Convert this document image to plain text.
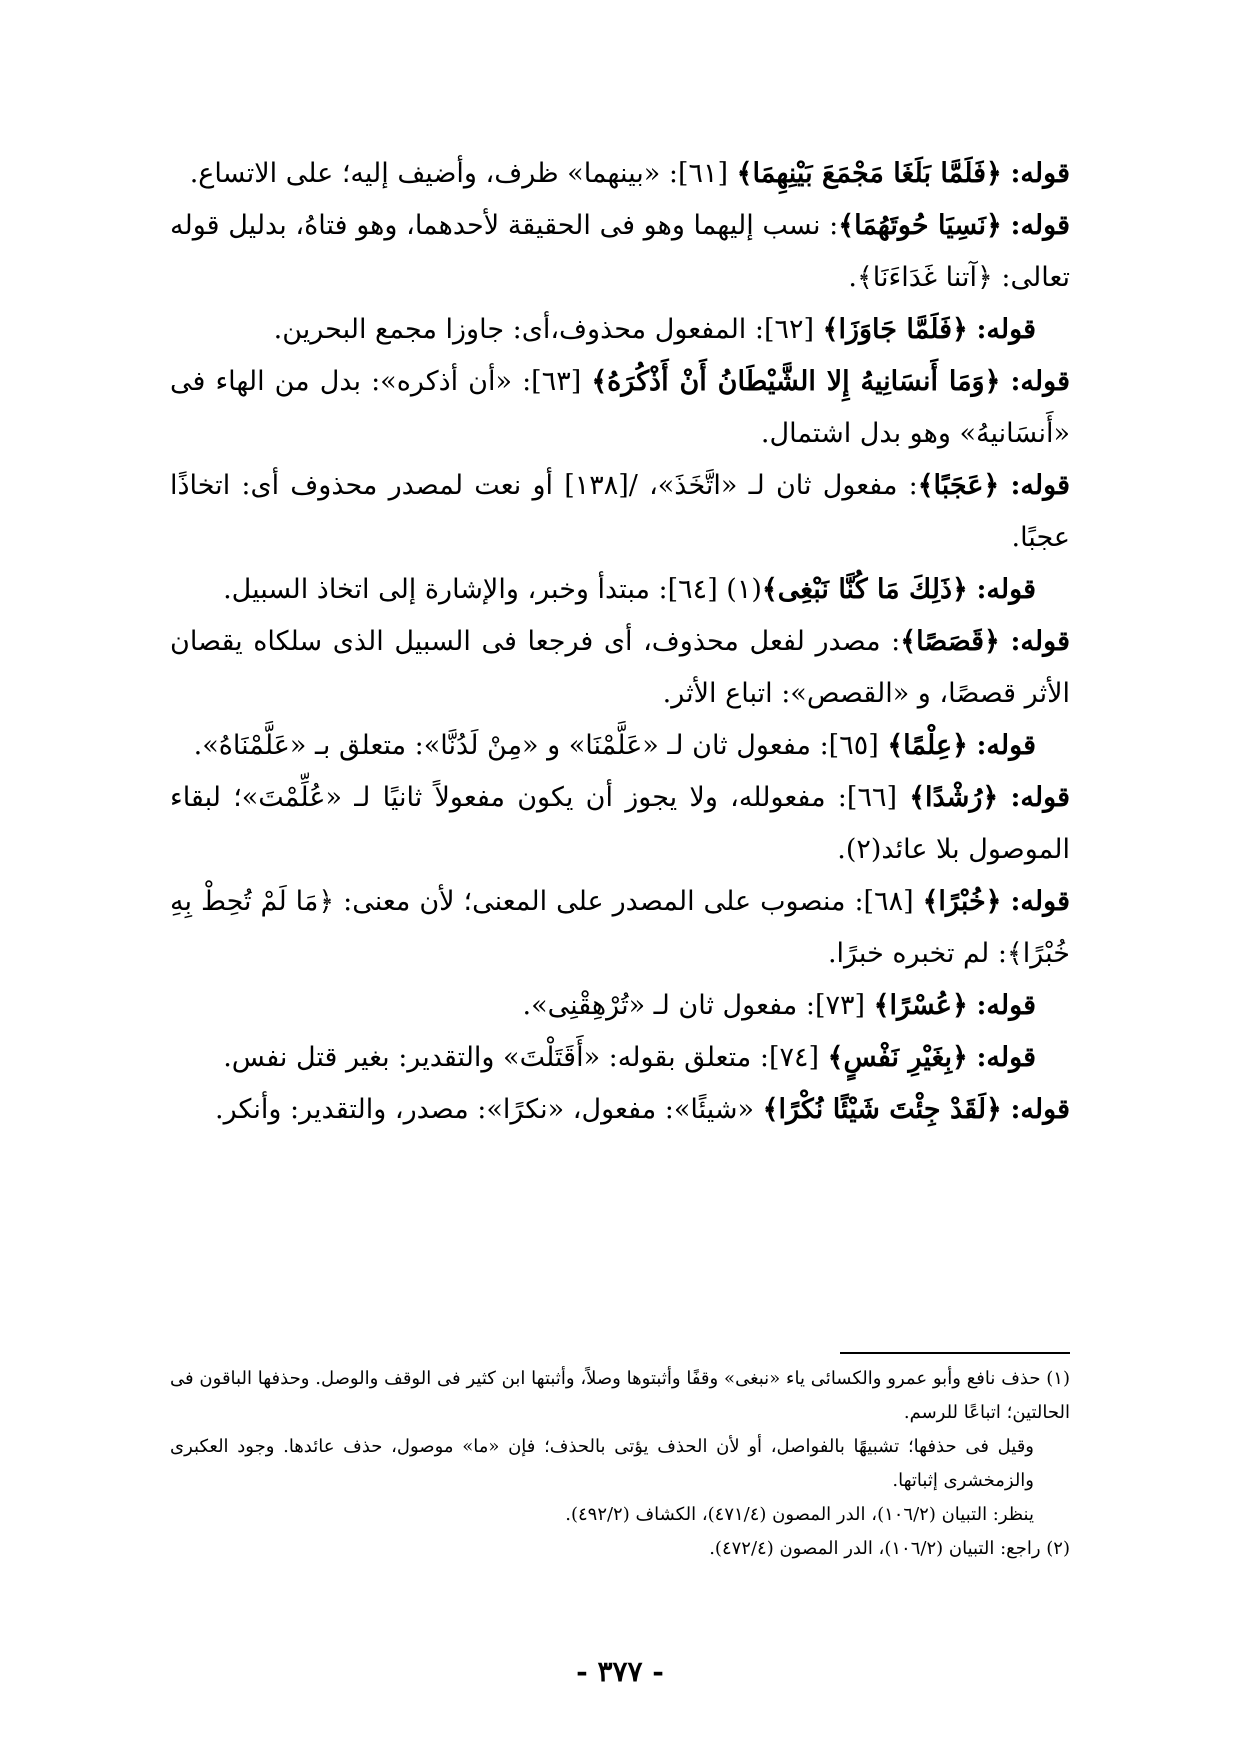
قوله: ﴿فَلَمَّا بَلَغَا مَجْمَعَ بَيْنِهِمَا﴾ [٦١]: «بينهما» ظرف، وأضيف إليه؛ على الاتساع.

قوله: ﴿نَسِيَا حُوتَهُمَا﴾: نسب إليهما وهو فى الحقيقة لأحدهما، وهو فتاهُ، بدليل قوله تعالى: ﴿آتنا غَدَاءَنَا﴾.

قوله: ﴿فَلَمَّا جَاوَزَا﴾ [٦٢]: المفعول محذوف،أى: جاوزا مجمع البحرين.

قوله: ﴿وَمَا أَنسَانِيهُ إِلا الشَّيْطَانُ أَنْ أَذْكُرَهُ﴾ [٦٣]: «أن أذكره»: بدل من الهاء فى «أَنسَانيهُ» وهو بدل اشتمال.

قوله: ﴿عَجَبًا﴾: مفعول ثان لـ «اتَّخَذَ»، /[١٣٨] أو نعت لمصدر محذوف أى: اتخاذًا عجبًا.

قوله: ﴿ذَلِكَ مَا كُنَّا نَبْغِى﴾(١) [٦٤]: مبتدأ وخبر، والإشارة إلى اتخاذ السبيل.

قوله: ﴿قَصَصًا﴾: مصدر لفعل محذوف، أى فرجعا فى السبيل الذى سلكاه يقصان الأثر قصصًا، و «القصص»: اتباع الأثر.

قوله: ﴿عِلْمًا﴾ [٦٥]: مفعول ثان لـ «عَلَّمْنَا» و «مِنْ لَدُنَّا»: متعلق بـ «عَلَّمْنَاهُ».

قوله: ﴿رُشْدًا﴾ [٦٦]: مفعولله، ولا يجوز أن يكون مفعولاً ثانيًا لـ «عُلِّمْتَ»؛ لبقاء الموصول بلا عائد(٢).

قوله: ﴿خُبْرًا﴾ [٦٨]: منصوب على المصدر على المعنى؛ لأن معنى: ﴿مَا لَمْ تُحِطْ بِهِ خُبْرًا﴾: لم تخبره خبرًا.

قوله: ﴿عُسْرًا﴾ [٧٣]: مفعول ثان لـ «تُرْهِقْنِى».

قوله: ﴿بِغَيْرِ نَفْسٍ﴾ [٧٤]: متعلق بقوله: «أَقَتَلْتَ» والتقدير: بغير قتل نفس.

قوله: ﴿لَقَدْ جِئْتَ شَيْئًا نُكْرًا﴾ «شيئًا»: مفعول، «نكرًا»: مصدر، والتقدير: وأنكر.

(١) حذف نافع وأبو عمرو والكسائى ياء «نبغى» وقفًا وأثبتوها وصلاً، وأثبتها ابن كثير فى الوقف والوصل. وحذفها الباقون فى الحالتين؛ اتباعًا للرسم.

وقيل فى حذفها؛ تشبيهًا بالفواصل، أو لأن الحذف يؤتى بالحذف؛ فإن «ما» موصول، حذف عائدها. وجود العكبرى والزمخشرى إثباتها.

ينظر: التبيان (١٠٦/٢)، الدر المصون (٤٧١/٤)، الكشاف (٤٩٢/٢).

(٢) راجع: التبيان (١٠٦/٢)، الدر المصون (٤٧٢/٤).

- ٣٧٧ -
